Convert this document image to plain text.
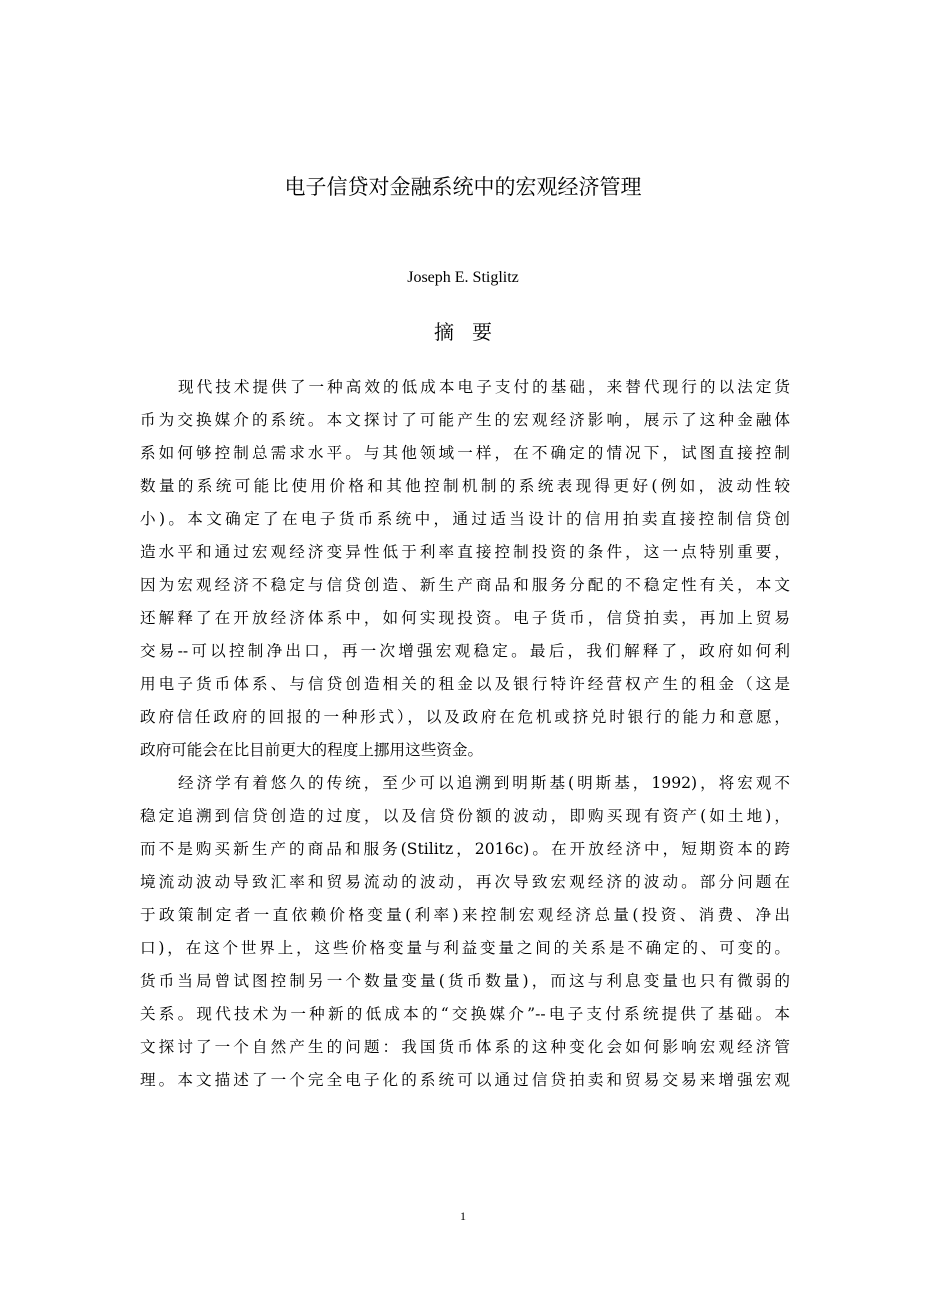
电子信贷对金融系统中的宏观经济管理
Joseph E. Stiglitz
摘要
现代技术提供了一种高效的低成本电子支付的基础，来替代现行的以法定货
币为交换媒介的系统。本文探讨了可能产生的宏观经济影响，展示了这种金融体
系如何够控制总需求水平。与其他领域一样，在不确定的情况下，试图直接控制
数量的系统可能比使用价格和其他控制机制的系统表现得更好(例如，波动性较
小)。本文确定了在电子货币系统中，通过适当设计的信用拍卖直接控制信贷创
造水平和通过宏观经济变异性低于利率直接控制投资的条件，这一点特别重要，
因为宏观经济不稳定与信贷创造、新生产商品和服务分配的不稳定性有关，本文
还解释了在开放经济体系中，如何实现投资。电子货币，信贷拍卖，再加上贸易
交易--可以控制净出口，再一次增强宏观稳定。最后，我们解释了，政府如何利
用电子货币体系、与信贷创造相关的租金以及银行特许经营权产生的租金（这是
政府信任政府的回报的一种形式），以及政府在危机或挤兑时银行的能力和意愿，
政府可能会在比目前更大的程度上挪用这些资金。
经济学有着悠久的传统，至少可以追溯到明斯基(明斯基，1992)，将宏观不
稳定追溯到信贷创造的过度，以及信贷份额的波动，即购买现有资产(如土地)，
而不是购买新生产的商品和服务(Stilitz，2016c)。在开放经济中，短期资本的跨
境流动波动导致汇率和贸易流动的波动，再次导致宏观经济的波动。部分问题在
于政策制定者一直依赖价格变量(利率)来控制宏观经济总量(投资、消费、净出
口)，在这个世界上，这些价格变量与利益变量之间的关系是不确定的、可变的。
货币当局曾试图控制另一个数量变量(货币数量)，而这与利息变量也只有微弱的
关系。现代技术为一种新的低成本的“交换媒介”--电子支付系统提供了基础。本
文探讨了一个自然产生的问题：我国货币体系的这种变化会如何影响宏观经济管
理。本文描述了一个完全电子化的系统可以通过信贷拍卖和贸易交易来增强宏观
1
